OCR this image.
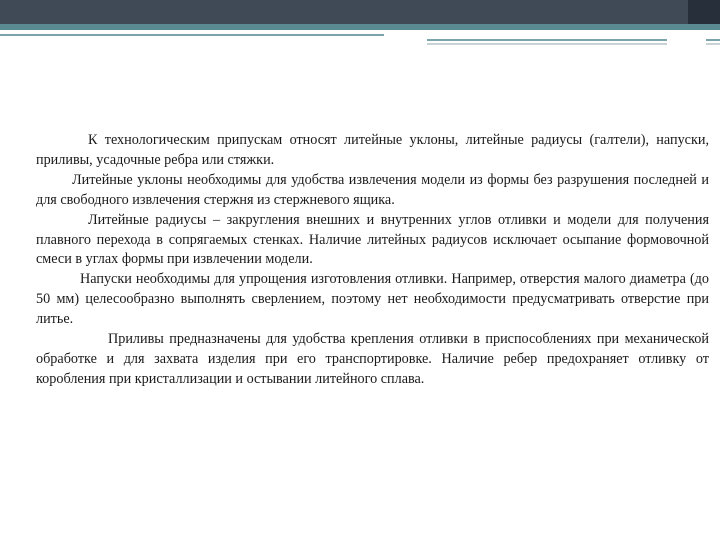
К технологическим припускам относят литейные уклоны, литейные радиусы (галтели), напуски, приливы, усадочные ребра или стяжки.

Литейные уклоны необходимы для удобства извлечения модели из формы без разрушения последней и для свободного извлечения стержня из стержневого ящика.

Литейные радиусы – закругления внешних и внутренних углов отливки и модели для получения плавного перехода в сопрягаемых стенках. Наличие литейных радиусов исключает осыпание формовочной смеси в углах формы при извлечении модели.

Напуски необходимы для упрощения изготовления отливки. Например, отверстия малого диаметра (до 50 мм) целесообразно выполнять сверлением, поэтому нет необходимости предусматривать отверстие при литье.

Приливы предназначены для удобства крепления отливки в приспособлениях при механической обработке и для захвата изделия при его транспортировке. Наличие ребер предохраняет отливку от коробления при кристаллизации и остывании литейного сплава.
